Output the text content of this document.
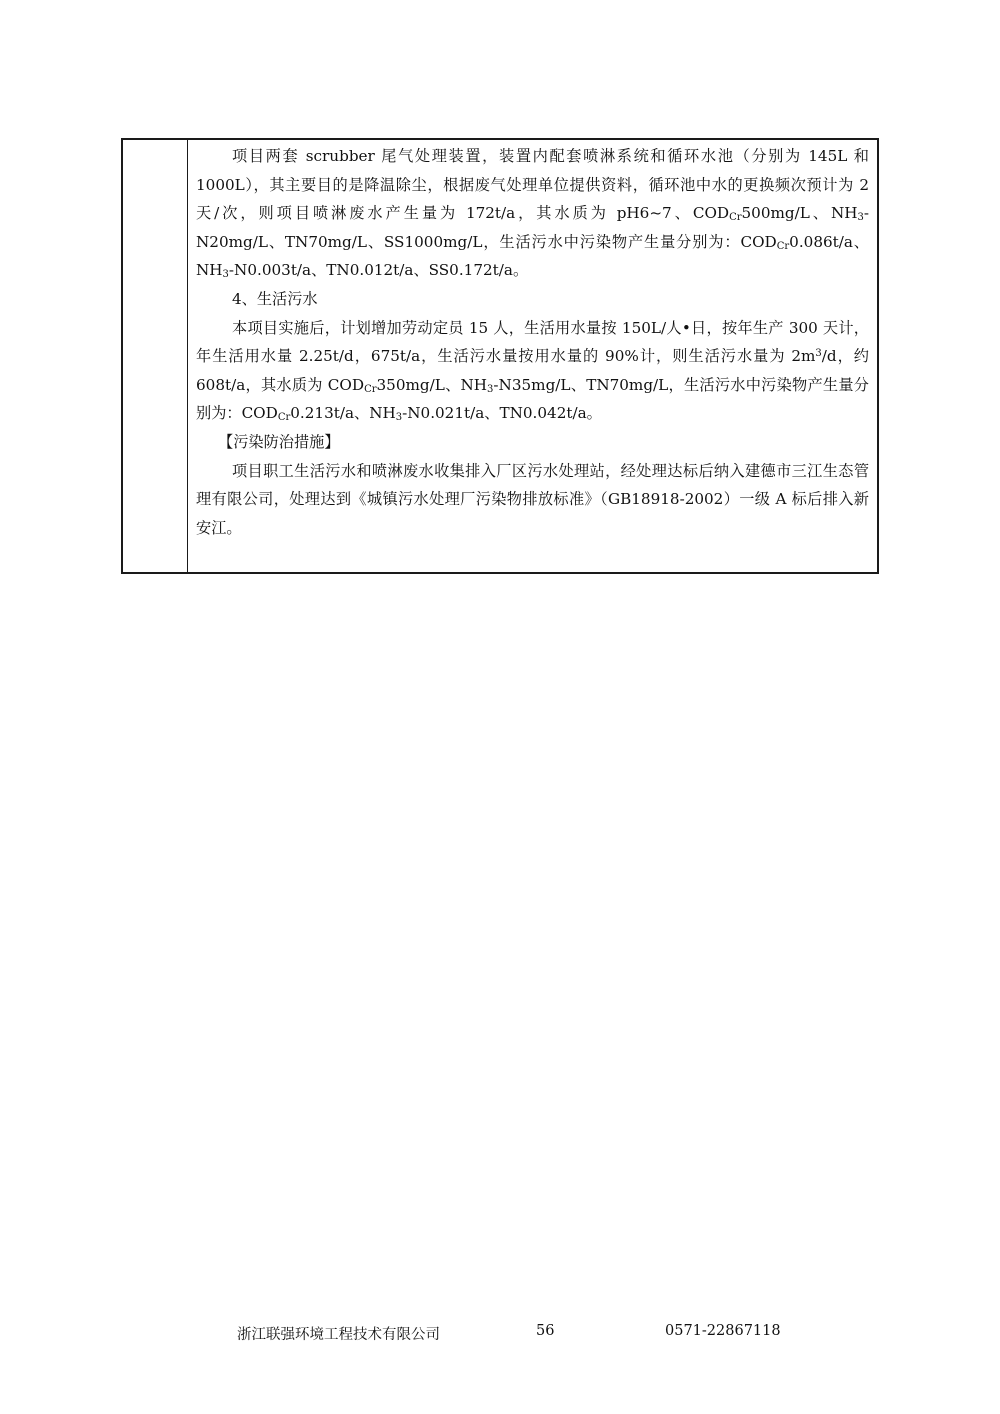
项目两套 scrubber 尾气处理装置，装置内配套喷淋系统和循环水池（分别为 145L 和 1000L），其主要目的是降温除尘，根据废气处理单位提供资料，循环池中水的更换频次预计为 2 天/次，则项目喷淋废水产生量为 172t/a，其水质为 pH6~7、$COD_{Cr}500mg/L$、$NH_3-N20mg/L$、TN70mg/L、SS1000mg/L，生活污水中污染物产生量分别为：$COD_{Cr}0.086t/a$、$NH_3-N0.003t/a$、TN0.012t/a、SS0.172t/a。

4、生活污水

本项目实施后，计划增加劳动定员 15 人，生活用水量按 150L/人•日，按年生产 300 天计，年生活用水量 2.25t/d，675t/a，生活污水量按用水量的 90%计，则生活污水量为 $2m^3/d$，约 608t/a，其水质为 $COD_{Cr}350mg/L$、$NH_3-N35mg/L$、TN70mg/L，生活污水中污染物产生量分别为：$COD_{Cr}0.213t/a$、$NH_3-N0.021t/a$、TN0.042t/a。

【污染防治措施】

项目职工生活污水和喷淋废水收集排入厂区污水处理站，经处理达标后纳入建德市三江生态管理有限公司，处理达到《城镇污水处理厂污染物排放标准》（GB18918-2002）一级 A 标后排入新安江。

浙江联强环境工程技术有限公司	56	0571-22867118
